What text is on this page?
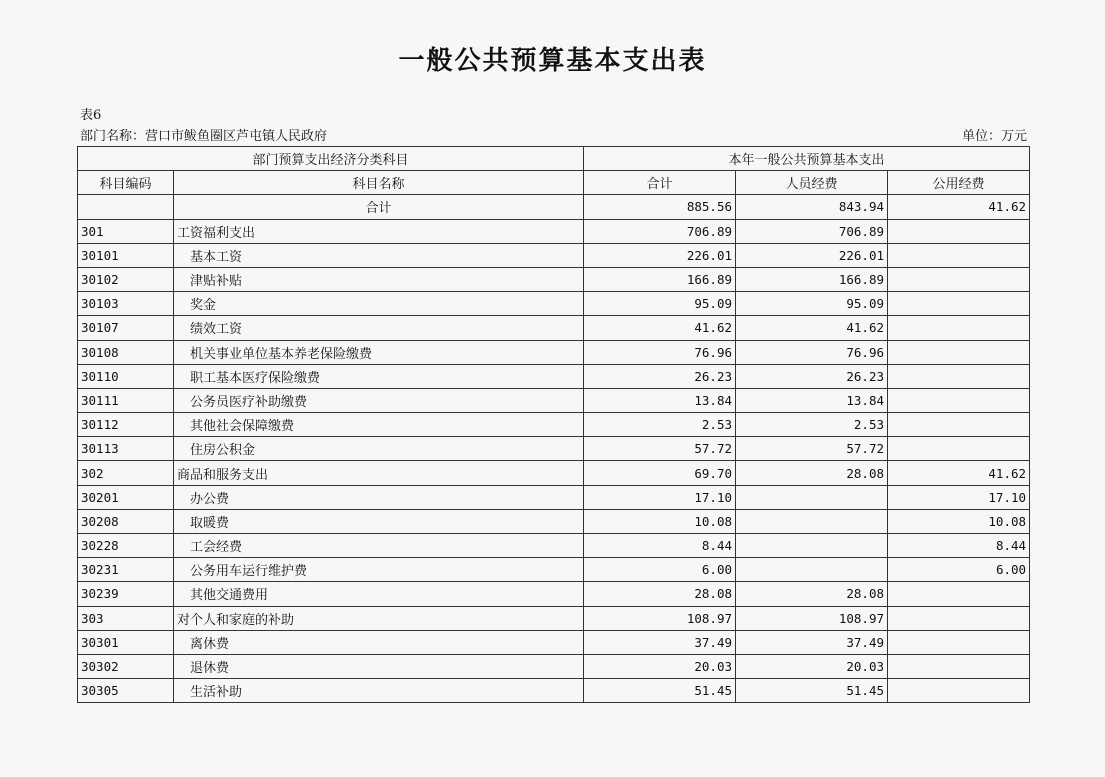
一般公共预算基本支出表
表6
部门名称：营口市鲅鱼圈区芦屯镇人民政府	单位：万元
部门预算支出经济分类科目		本年一般公共预算基本支出		
科目编码	科目名称	合计	人员经费	公用经费
	合计	885.56	843.94	41.62
301	工资福利支出	706.89	706.89	
30101	基本工资	226.01	226.01	
30102	津贴补贴	166.89	166.89	
30103	奖金	95.09	95.09	
30107	绩效工资	41.62	41.62	
30108	机关事业单位基本养老保险缴费	76.96	76.96	
30110	职工基本医疗保险缴费	26.23	26.23	
30111	公务员医疗补助缴费	13.84	13.84	
30112	其他社会保障缴费	2.53	2.53	
30113	住房公积金	57.72	57.72	
302	商品和服务支出	69.70	28.08	41.62
30201	办公费	17.10		17.10
30208	取暖费	10.08		10.08
30228	工会经费	8.44		8.44
30231	公务用车运行维护费	6.00		6.00
30239	其他交通费用	28.08	28.08	
303	对个人和家庭的补助	108.97	108.97	
30301	离休费	37.49	37.49	
30302	退休费	20.03	20.03	
30305	生活补助	51.45	51.45	
